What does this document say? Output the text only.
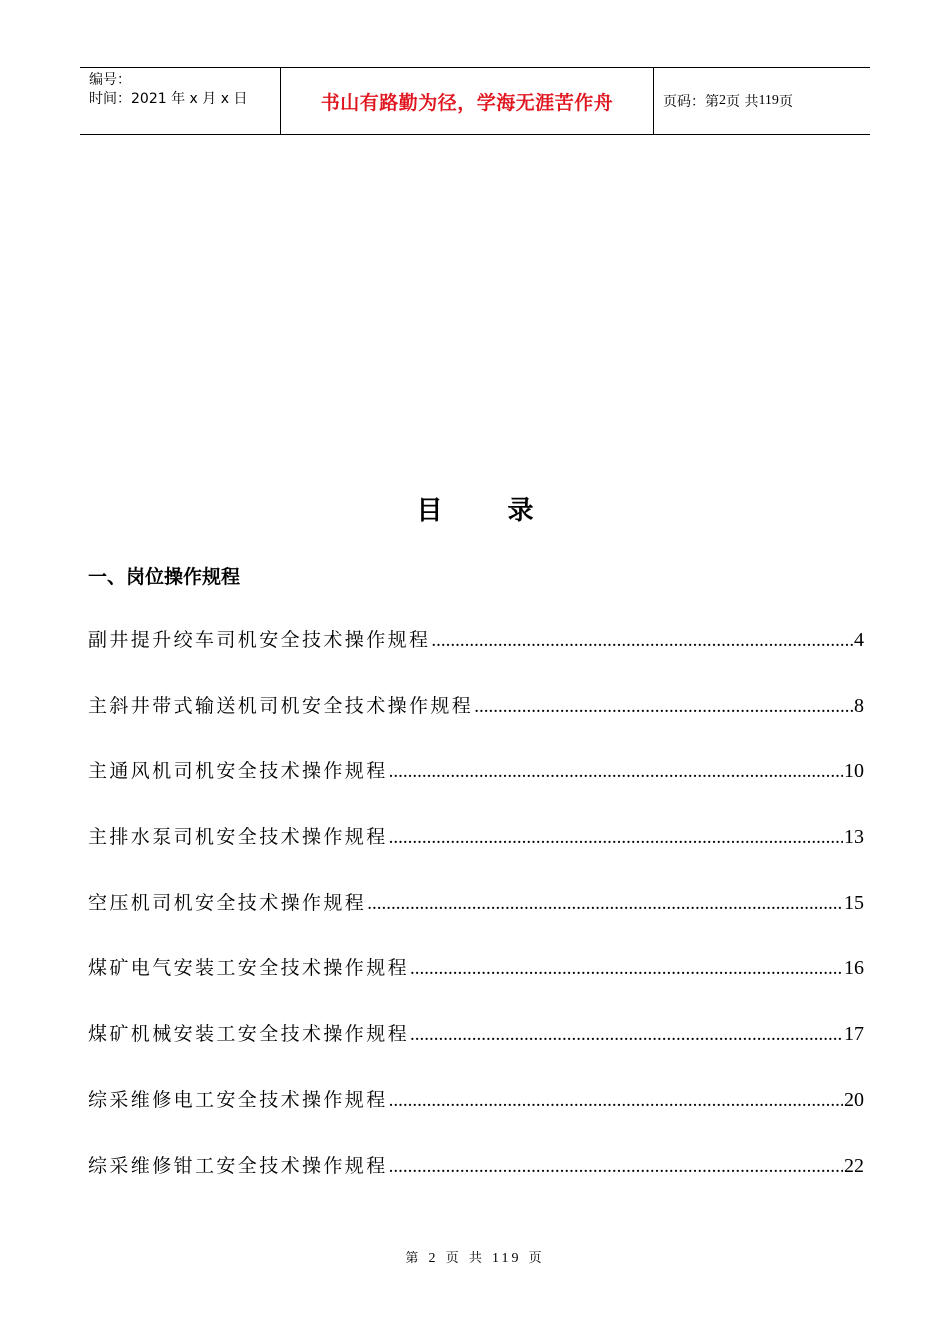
编号：
时间：2021 年 x 月 x 日	书山有路勤为径，学海无涯苦作舟	页码：第 2 页 共 119 页
目 录
一、岗位操作规程
副井提升绞车司机安全技术操作规程 .....	4
主斜井带式输送机司机安全技术操作规程 .....	8
主通风机司机安全技术操作规程 .....	10
主排水泵司机安全技术操作规程 .....	13
空压机司机安全技术操作规程 .....	15
煤矿电气安装工安全技术操作规程 .....	16
煤矿机械安装工安全技术操作规程 .....	17
综采维修电工安全技术操作规程 .....	20
综采维修钳工安全技术操作规程 .....	22
第 2 页 共 119 页
